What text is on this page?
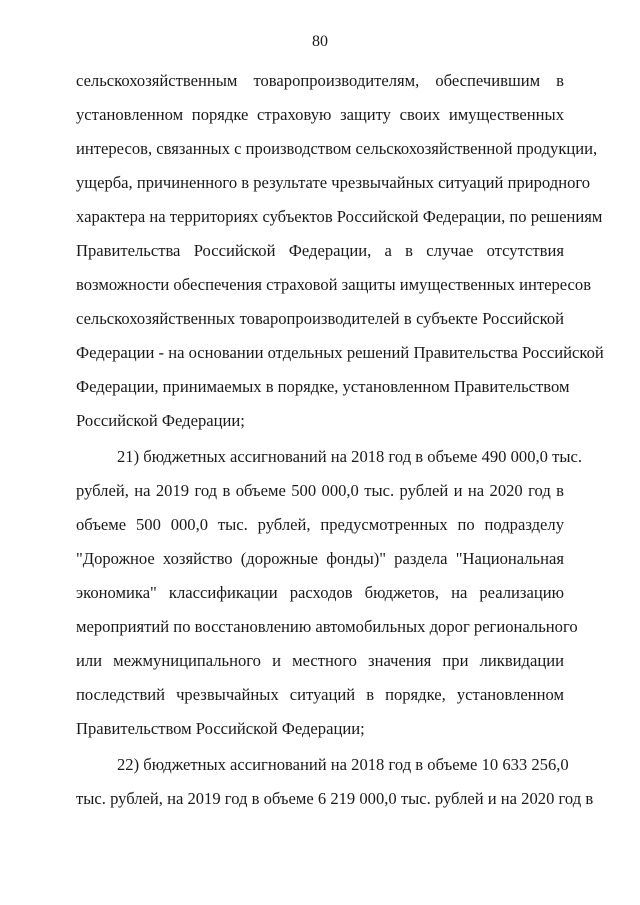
80
сельскохозяйственным товаропроизводителям, обеспечившим в
установленном порядке страховую защиту своих имущественных
интересов, связанных с производством сельскохозяйственной продукции,
ущерба, причиненного в результате чрезвычайных ситуаций природного
характера на территориях субъектов Российской Федерации, по решениям
Правительства Российской Федерации, а в случае отсутствия
возможности обеспечения страховой защиты имущественных интересов
сельскохозяйственных товаропроизводителей в субъекте Российской
Федерации - на основании отдельных решений Правительства Российской
Федерации, принимаемых в порядке, установленном Правительством
Российской Федерации;
21) бюджетных ассигнований на 2018 год в объеме 490 000,0 тыс.
рублей, на 2019 год в объеме 500 000,0 тыс. рублей и на 2020 год в
объеме 500 000,0 тыс. рублей, предусмотренных по подразделу
"Дорожное хозяйство (дорожные фонды)" раздела "Национальная
экономика" классификации расходов бюджетов, на реализацию
мероприятий по восстановлению автомобильных дорог регионального
или межмуниципального и местного значения при ликвидации
последствий чрезвычайных ситуаций в порядке, установленном
Правительством Российской Федерации;
22) бюджетных ассигнований на 2018 год в объеме 10 633 256,0
тыс. рублей, на 2019 год в объеме 6 219 000,0 тыс. рублей и на 2020 год в
